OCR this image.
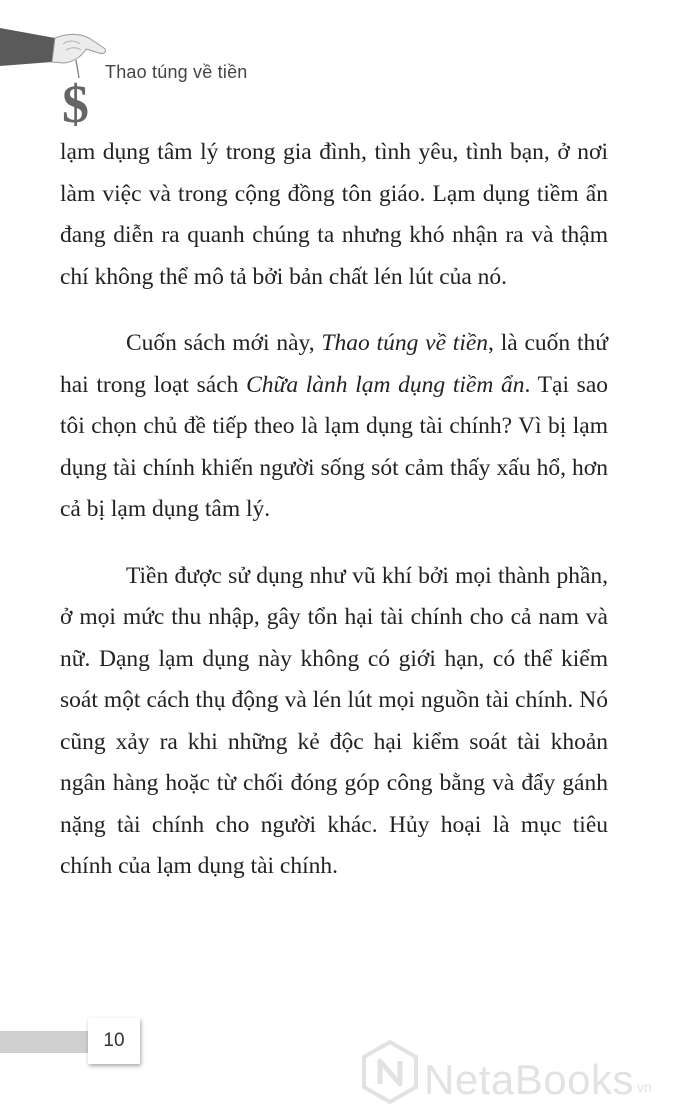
$
Thao túng về tiền

lạm dụng tâm lý trong gia đình, tình yêu, tình bạn, ở nơi làm việc và trong cộng đồng tôn giáo. Lạm dụng tiềm ẩn đang diễn ra quanh chúng ta nhưng khó nhận ra và thậm chí không thể mô tả bởi bản chất lén lút của nó.

Cuốn sách mới này, Thao túng về tiền, là cuốn thứ hai trong loạt sách Chữa lành lạm dụng tiềm ẩn. Tại sao tôi chọn chủ đề tiếp theo là lạm dụng tài chính? Vì bị lạm dụng tài chính khiến người sống sót cảm thấy xấu hổ, hơn cả bị lạm dụng tâm lý.

Tiền được sử dụng như vũ khí bởi mọi thành phần, ở mọi mức thu nhập, gây tổn hại tài chính cho cả nam và nữ. Dạng lạm dụng này không có giới hạn, có thể kiểm soát một cách thụ động và lén lút mọi nguồn tài chính. Nó cũng xảy ra khi những kẻ độc hại kiểm soát tài khoản ngân hàng hoặc từ chối đóng góp công bằng và đẩy gánh nặng tài chính cho người khác. Hủy hoại là mục tiêu chính của lạm dụng tài chính.

10
NetaBooks vn
